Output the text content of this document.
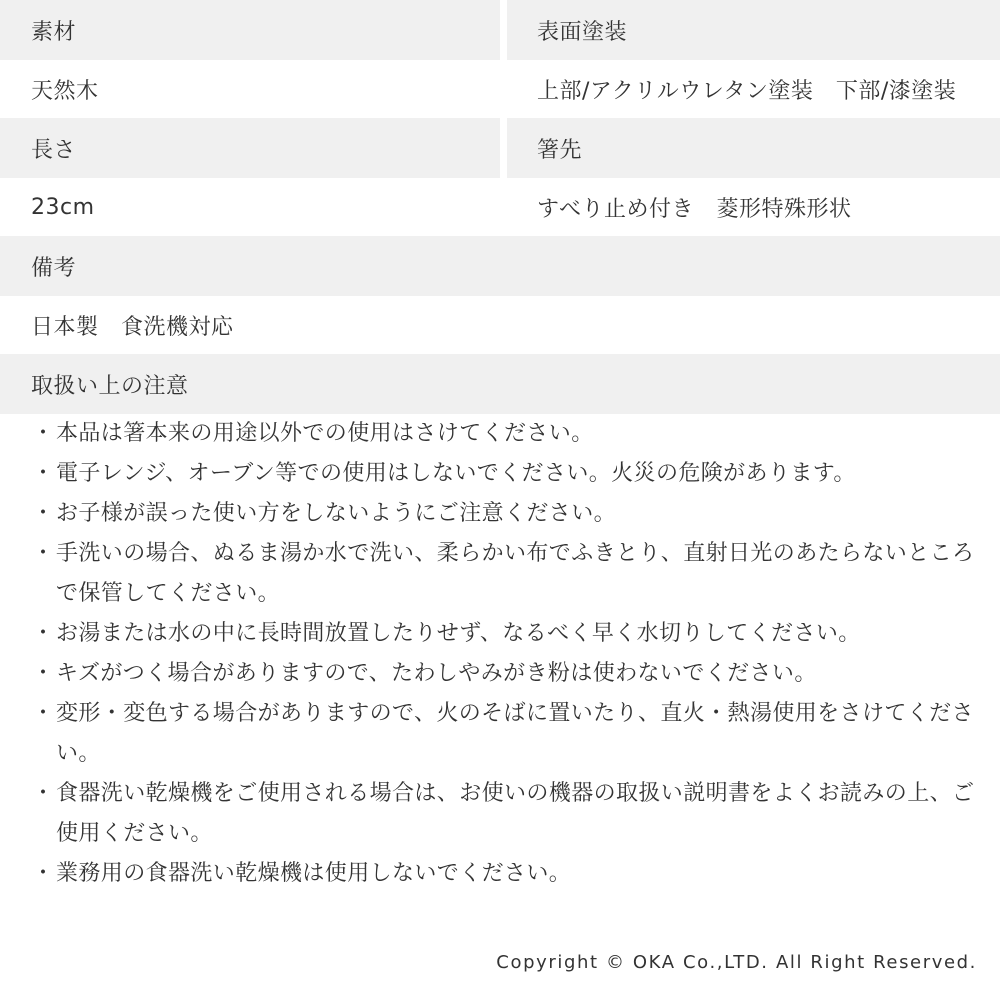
素材	表面塗装
天然木	上部/アクリルウレタン塗装　下部/漆塗装
長さ	箸先
23cm	すべり止め付き　菱形特殊形状
備考
日本製　食洗機対応
取扱い上の注意
・ 本品は箸本来の用途以外での使用はさけてください。
・ 電子レンジ、オーブン等での使用はしないでください。火災の危険があります。
・ お子様が誤った使い方をしないようにご注意ください。
・ 手洗いの場合、ぬるま湯か水で洗い、柔らかい布でふきとり、直射日光のあたらないところで保管してください。
・ お湯または水の中に長時間放置したりせず、なるべく早く水切りしてください。
・ キズがつく場合がありますので、たわしやみがき粉は使わないでください。
・ 変形・変色する場合がありますので、火のそばに置いたり、直火・熱湯使用をさけてください。
・ 食器洗い乾燥機をご使用される場合は、お使いの機器の取扱い説明書をよくお読みの上、ご使用ください。
・ 業務用の食器洗い乾燥機は使用しないでください。
Copyright © OKA Co.,LTD. All Right Reserved.
